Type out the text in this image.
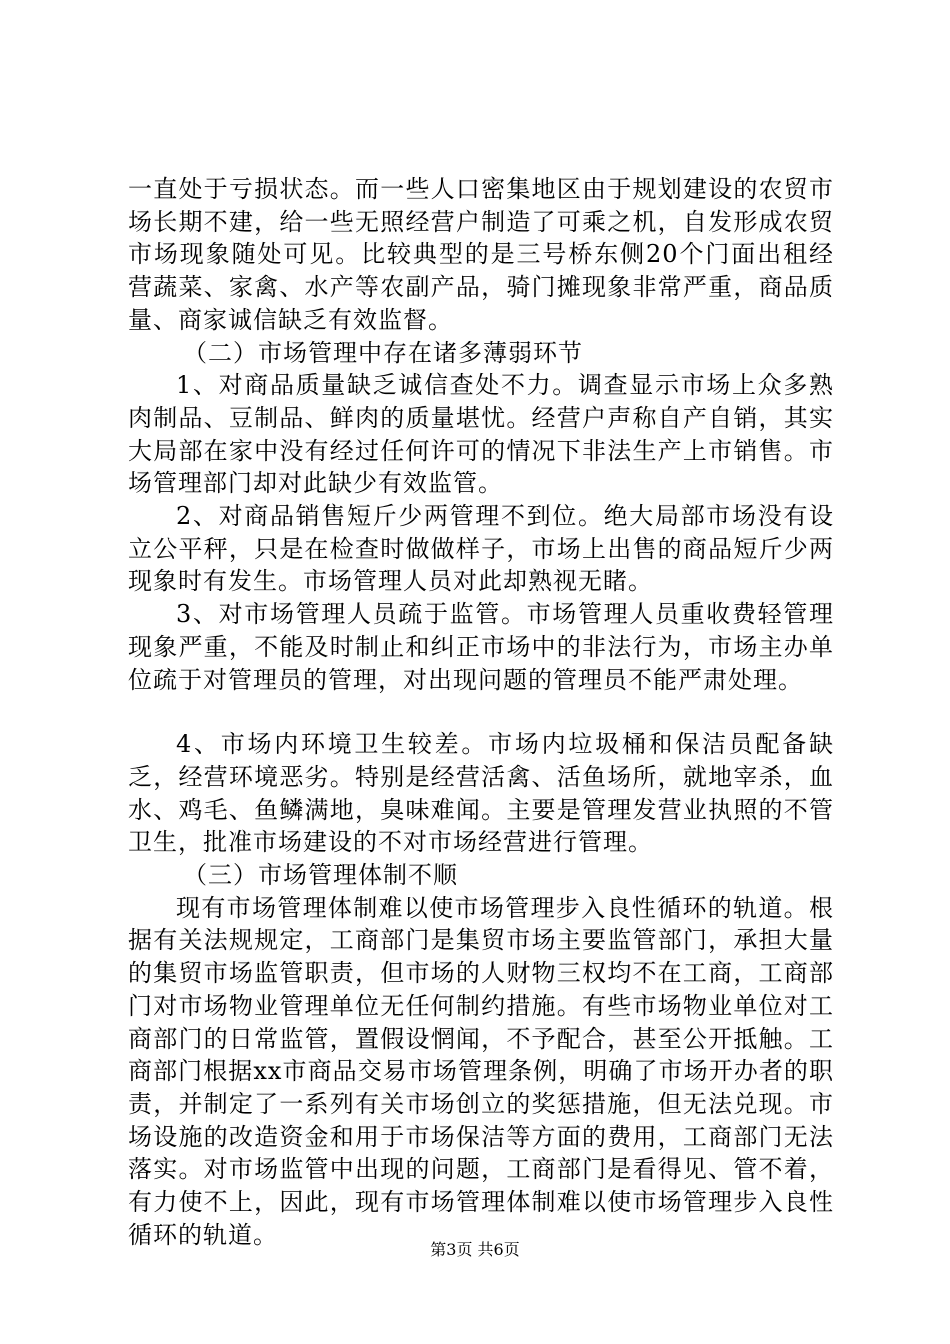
一直处于亏损状态。而一些人口密集地区由于规划建设的农贸市场长期不建，给一些无照经营户制造了可乘之机，自发形成农贸市场现象随处可见。比较典型的是三号桥东侧20个门面出租经营蔬菜、家禽、水产等农副产品，骑门摊现象非常严重，商品质量、商家诚信缺乏有效监督。

（二）市场管理中存在诸多薄弱环节

1、对商品质量缺乏诚信查处不力。调查显示市场上众多熟肉制品、豆制品、鲜肉的质量堪忧。经营户声称自产自销，其实大局部在家中没有经过任何许可的情况下非法生产上市销售。市场管理部门却对此缺少有效监管。

2、对商品销售短斤少两管理不到位。绝大局部市场没有设立公平秤，只是在检查时做做样子，市场上出售的商品短斤少两现象时有发生。市场管理人员对此却熟视无睹。

3、对市场管理人员疏于监管。市场管理人员重收费轻管理现象严重，不能及时制止和纠正市场中的非法行为，市场主办单位疏于对管理员的管理，对出现问题的管理员不能严肃处理。

4、市场内环境卫生较差。市场内垃圾桶和保洁员配备缺乏，经营环境恶劣。特别是经营活禽、活鱼场所，就地宰杀，血水、鸡毛、鱼鳞满地，臭味难闻。主要是管理发营业执照的不管卫生，批准市场建设的不对市场经营进行管理。

（三）市场管理体制不顺

现有市场管理体制难以使市场管理步入良性循环的轨道。根据有关法规规定，工商部门是集贸市场主要监管部门，承担大量的集贸市场监管职责，但市场的人财物三权均不在工商，工商部门对市场物业管理单位无任何制约措施。有些市场物业单位对工商部门的日常监管，置假设惘闻，不予配合，甚至公开抵触。工商部门根据xx市商品交易市场管理条例，明确了市场开办者的职责，并制定了一系列有关市场创立的奖惩措施，但无法兑现。市场设施的改造资金和用于市场保洁等方面的费用，工商部门无法落实。对市场监管中出现的问题，工商部门是看得见、管不着，有力使不上，因此，现有市场管理体制难以使市场管理步入良性循环的轨道。

第3页 共6页
